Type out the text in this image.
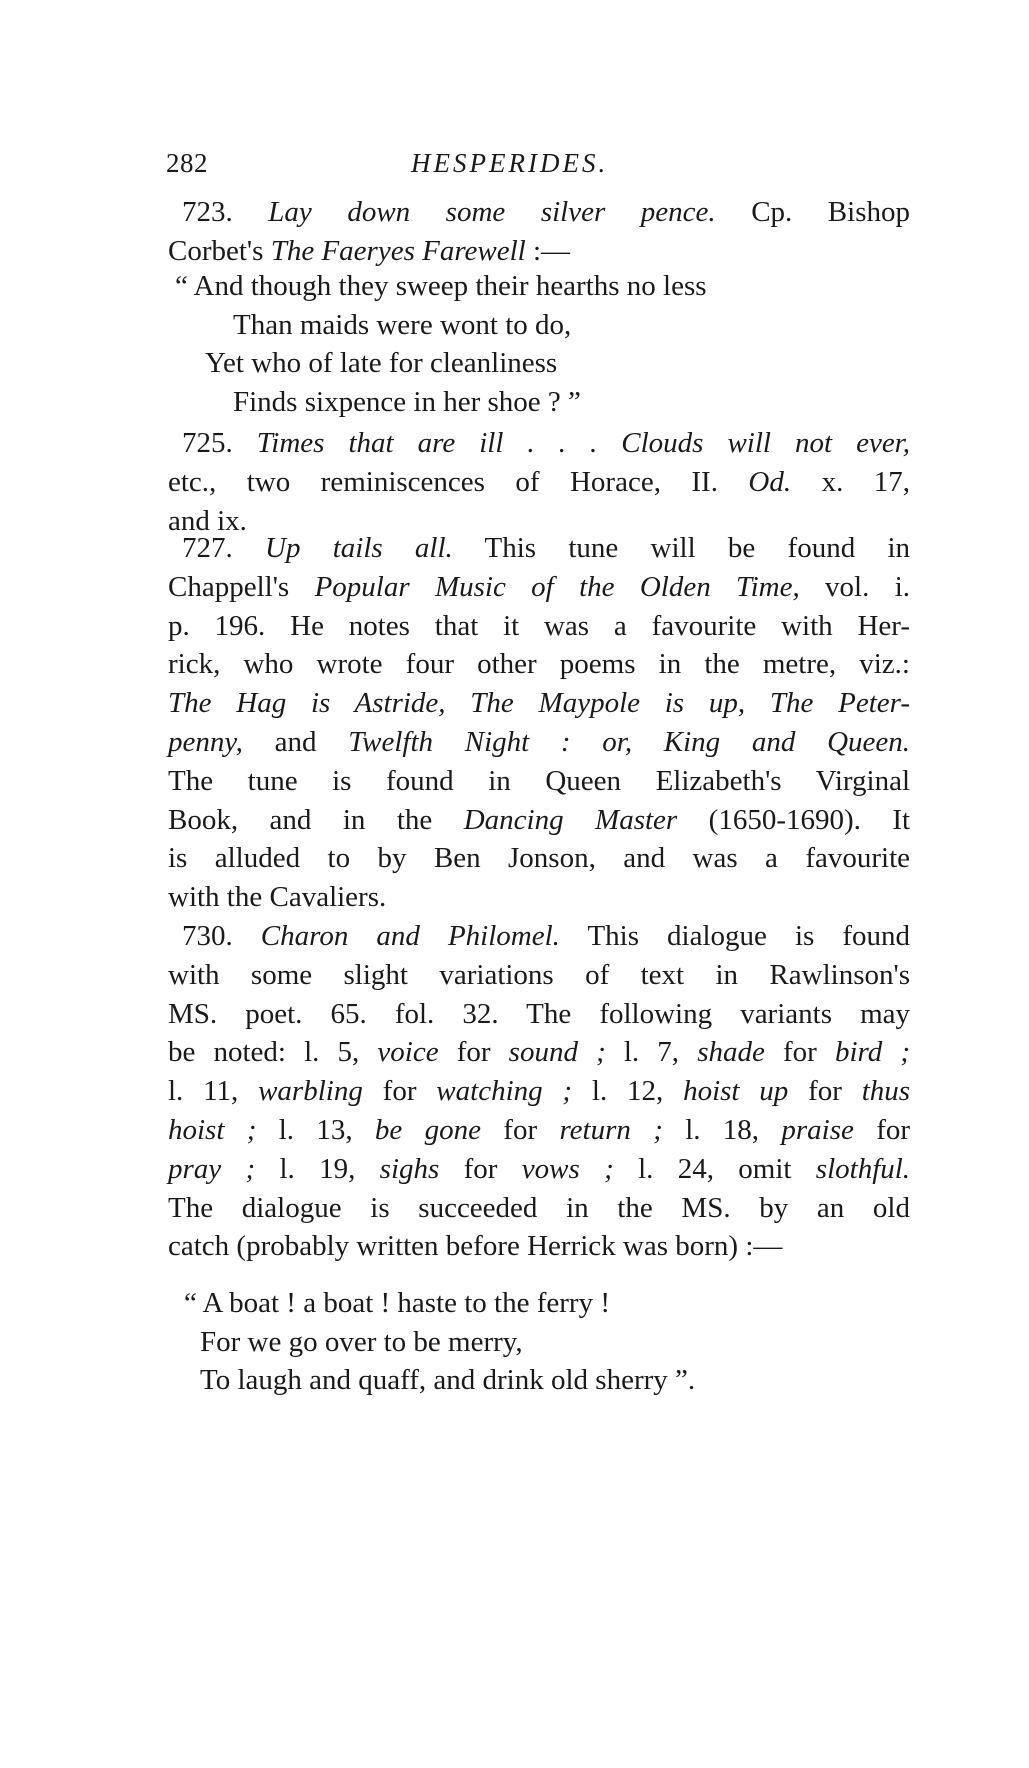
282	HESPERIDES.
723. Lay down some silver pence. Cp. Bishop
Corbet's The Faeryes Farewell :—
“ And though they sweep their hearths no less
Than maids were wont to do,
Yet who of late for cleanliness
Finds sixpence in her shoe ? ”
725. Times that are ill . . . Clouds will not ever,
etc., two reminiscences of Horace, II. Od. x. 17,
and ix.
727. Up tails all. This tune will be found in
Chappell's Popular Music of the Olden Time, vol. i.
p. 196. He notes that it was a favourite with Her-
rick, who wrote four other poems in the metre, viz.:
The Hag is Astride, The Maypole is up, The Peter-
penny, and Twelfth Night : or, King and Queen.
The tune is found in Queen Elizabeth's Virginal
Book, and in the Dancing Master (1650-1690). It
is alluded to by Ben Jonson, and was a favourite
with the Cavaliers.
730. Charon and Philomel. This dialogue is found
with some slight variations of text in Rawlinson's
MS. poet. 65. fol. 32. The following variants may
be noted: l. 5, voice for sound ; l. 7, shade for bird ;
l. 11, warbling for watching ; l. 12, hoist up for thus
hoist ; l. 13, be gone for return ; l. 18, praise for
pray ; l. 19, sighs for vows ; l. 24, omit slothful.
The dialogue is succeeded in the MS. by an old
catch (probably written before Herrick was born) :—
“ A boat ! a boat ! haste to the ferry !
For we go over to be merry,
To laugh and quaff, and drink old sherry ”.
